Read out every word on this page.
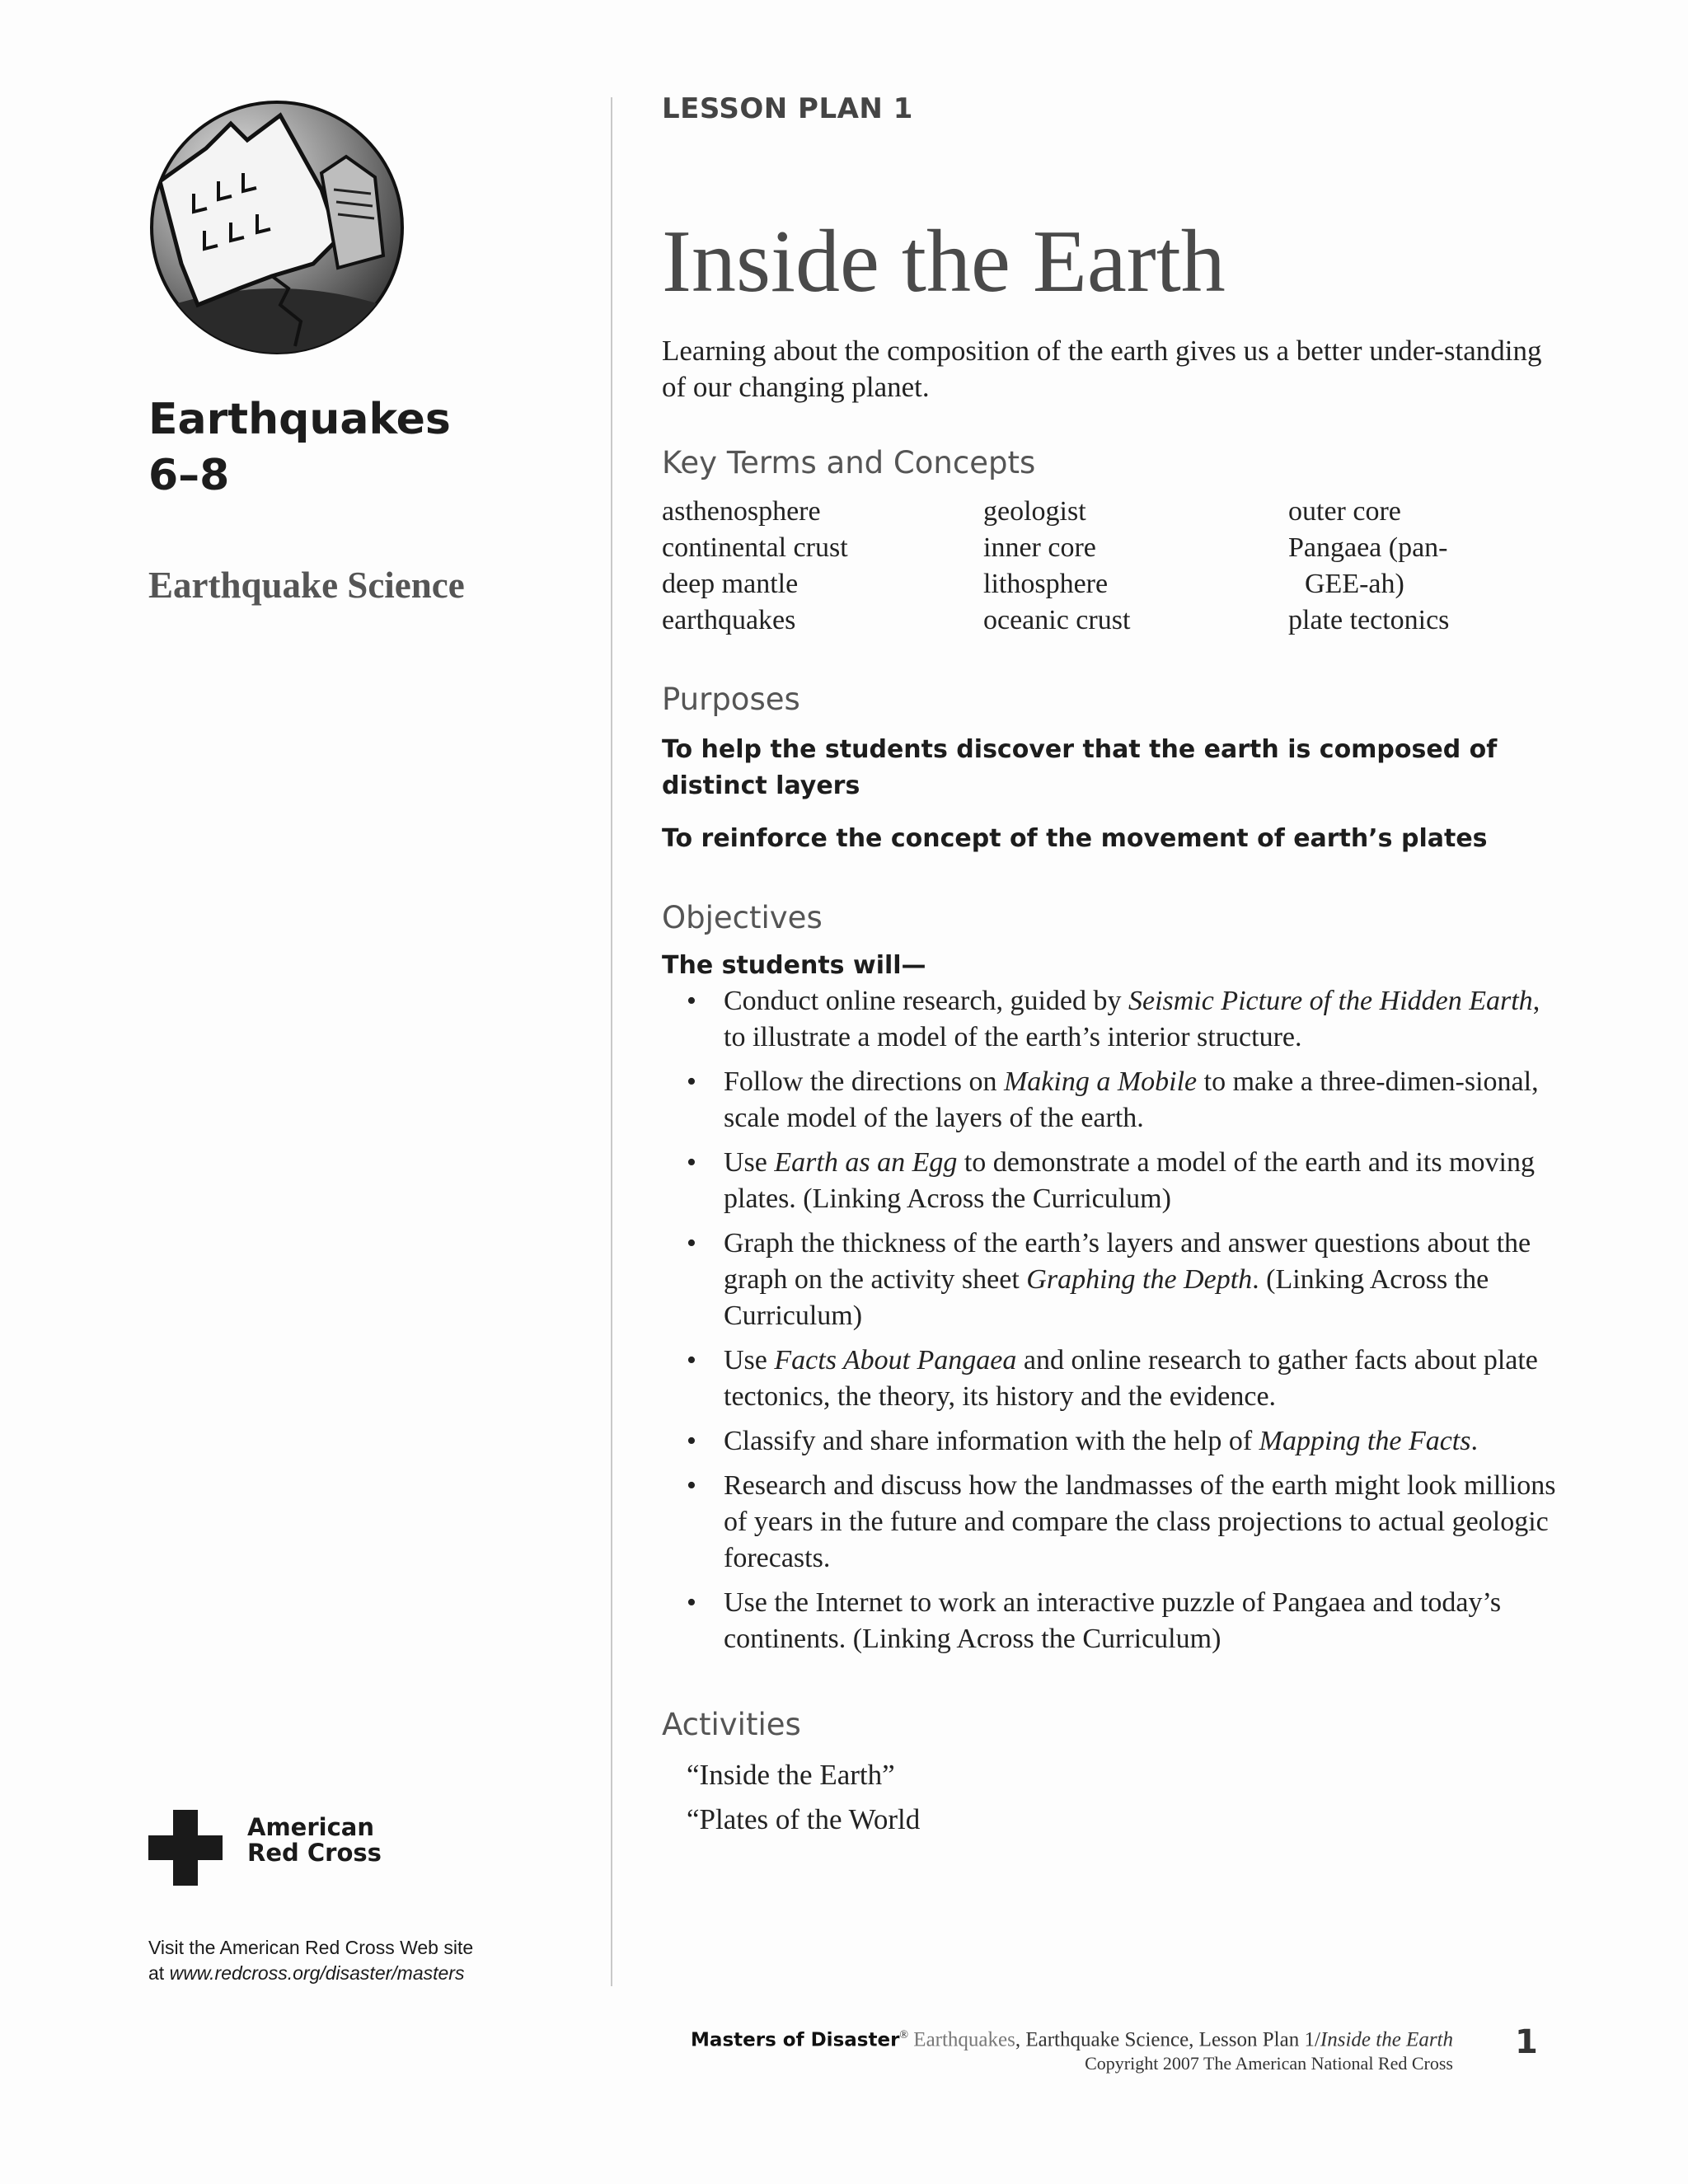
Earthquakes
6–8
Earthquake Science
American
Red Cross
Visit the American Red Cross Web site
at www.redcross.org/disaster/masters
LESSON PLAN 1
Inside the Earth
Learning about the composition of the earth gives us a better under-standing of our changing planet.
Key Terms and Concepts
asthenosphere
continental crust
deep mantle
earthquakes
geologist
inner core
lithosphere
oceanic crust
outer core
Pangaea (pan-
GEE-ah)
plate tectonics
Purposes
To help the students discover that the earth is composed of distinct layers
To reinforce the concept of the movement of earth’s plates
Objectives
The students will—
• Conduct online research, guided by Seismic Picture of the Hidden Earth, to illustrate a model of the earth’s interior structure.
• Follow the directions on Making a Mobile to make a three-dimen-sional, scale model of the layers of the earth.
• Use Earth as an Egg to demonstrate a model of the earth and its moving plates. (Linking Across the Curriculum)
• Graph the thickness of the earth’s layers and answer questions about the graph on the activity sheet Graphing the Depth. (Linking Across the Curriculum)
• Use Facts About Pangaea and online research to gather facts about plate tectonics, the theory, its history and the evidence.
• Classify and share information with the help of Mapping the Facts.
• Research and discuss how the landmasses of the earth might look millions of years in the future and compare the class projections to actual geologic forecasts.
• Use the Internet to work an interactive puzzle of Pangaea and today’s continents. (Linking Across the Curriculum)
Activities
“Inside the Earth”
“Plates of the World
Masters of Disaster® Earthquakes, Earthquake Science, Lesson Plan 1/Inside the Earth
Copyright 2007 The American National Red Cross
1
